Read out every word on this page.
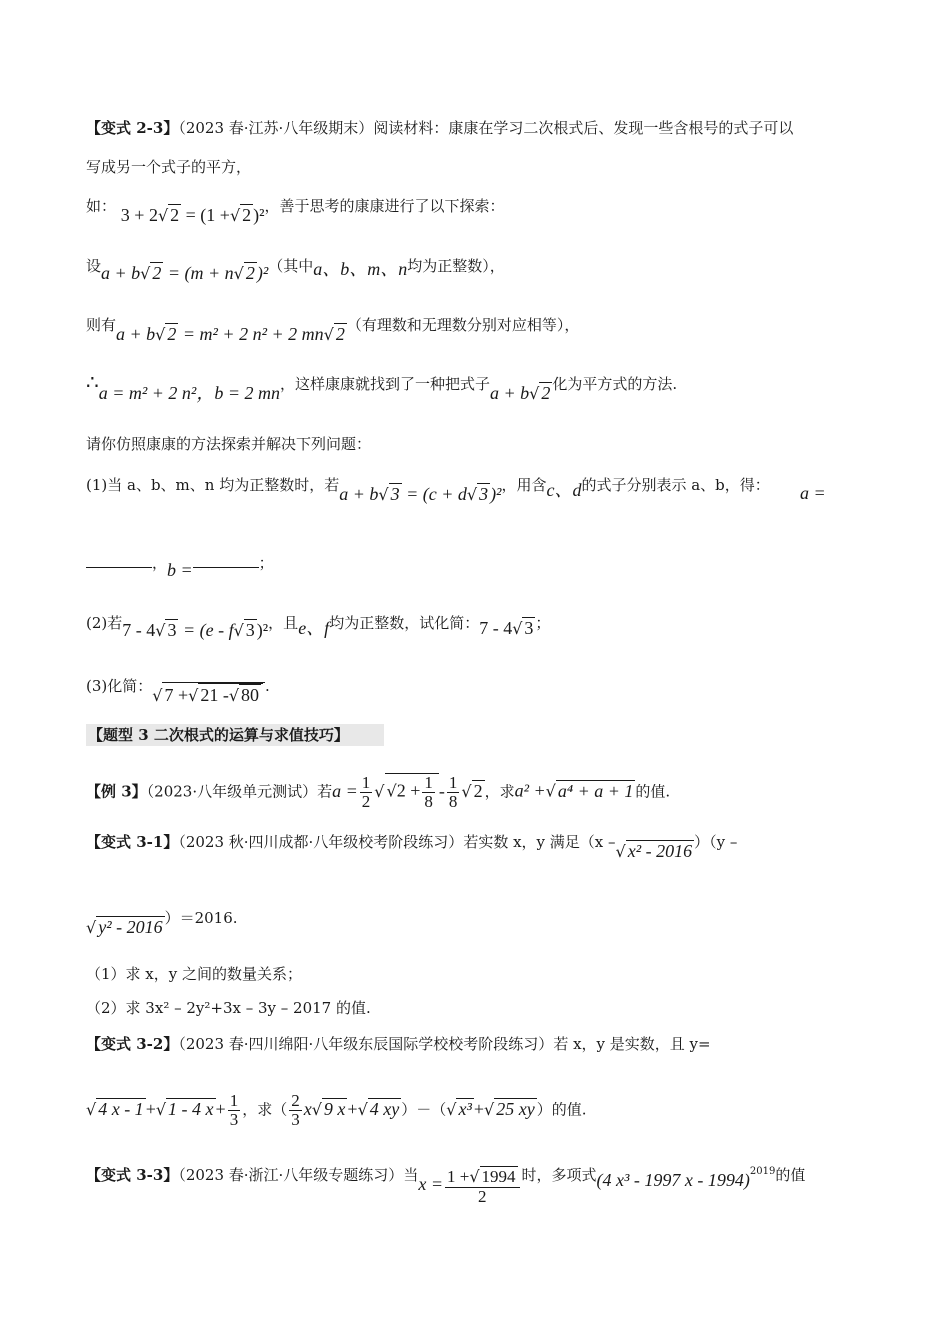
【变式 2-3】（2023 春·江苏·八年级期末）阅读材料：康康在学习二次根式后、发现一些含根号的式子可以
写成另一个式子的平方，
如： 3 + 2√ 2 = (1 +√ 2 )²，善于思考的康康进行了以下探索：
设a + b√ 2 = (m + n√ 2 )²（其中a、b、m、n均为正整数），
则有a + b√ 2 = m² + 2 n² + 2 mn√ 2 （有理数和无理数分别对应相等），
∴a = m² + 2 n²，b = 2 mn，这样康康就找到了一种把式子a + b√ 2 化为平方式的方法.
请你仿照康康的方法探索并解决下列问题：
(1)当 a、b、m、n 均为正整数时，若a + b√ 3 = (c + d√ 3 )²，用含c、d的式子分别表示 a、b，得： a =
，b =	；
(2)若7 - 4√ 3 = (e - f√ 3 )²，且e、f均为正整数，试化简：7 - 4√ 3 ；
(3)化简：√ 7 +√ 21 -√ 80 .
【题型 3 二次根式的运算与求值技巧】
【例 3】（2023·八年级单元测试）若$a = \frac{1}{2}$ √ $√2 + \frac{1}{8} - \frac{1}{8}$ √ 2 ，求a² +√ a⁴ + a + 1 的值.
【变式 3-1】（2023 秋·四川成都·八年级校考阶段练习）若实数 x，y 满足（x –√ x² - 2016 ）（y –
√ y² - 2016 ）＝2016.
（1）求 x，y 之间的数量关系；
（2）求 3x² – 2y²+3x – 3y – 2017 的值.
【变式 3-2】（2023 春·四川绵阳·八年级东辰国际学校校考阶段练习）若 x，y 是实数，且 y=
√ 4 x - 1 +√ 1 - 4 $x + \frac{1}{3}$ ，求（ $\frac{2}{3} x√$ 9 x +√ 4 xy ）－（√ x³ +√ 25 xy ）的值.
【变式 3-3】（2023 春·浙江·八年级专题练习）当$x = \frac{1 +√ 1994}{2}$ 时，多项式(4 x³ - 1997 x - 1994)$^{2019}$的值
